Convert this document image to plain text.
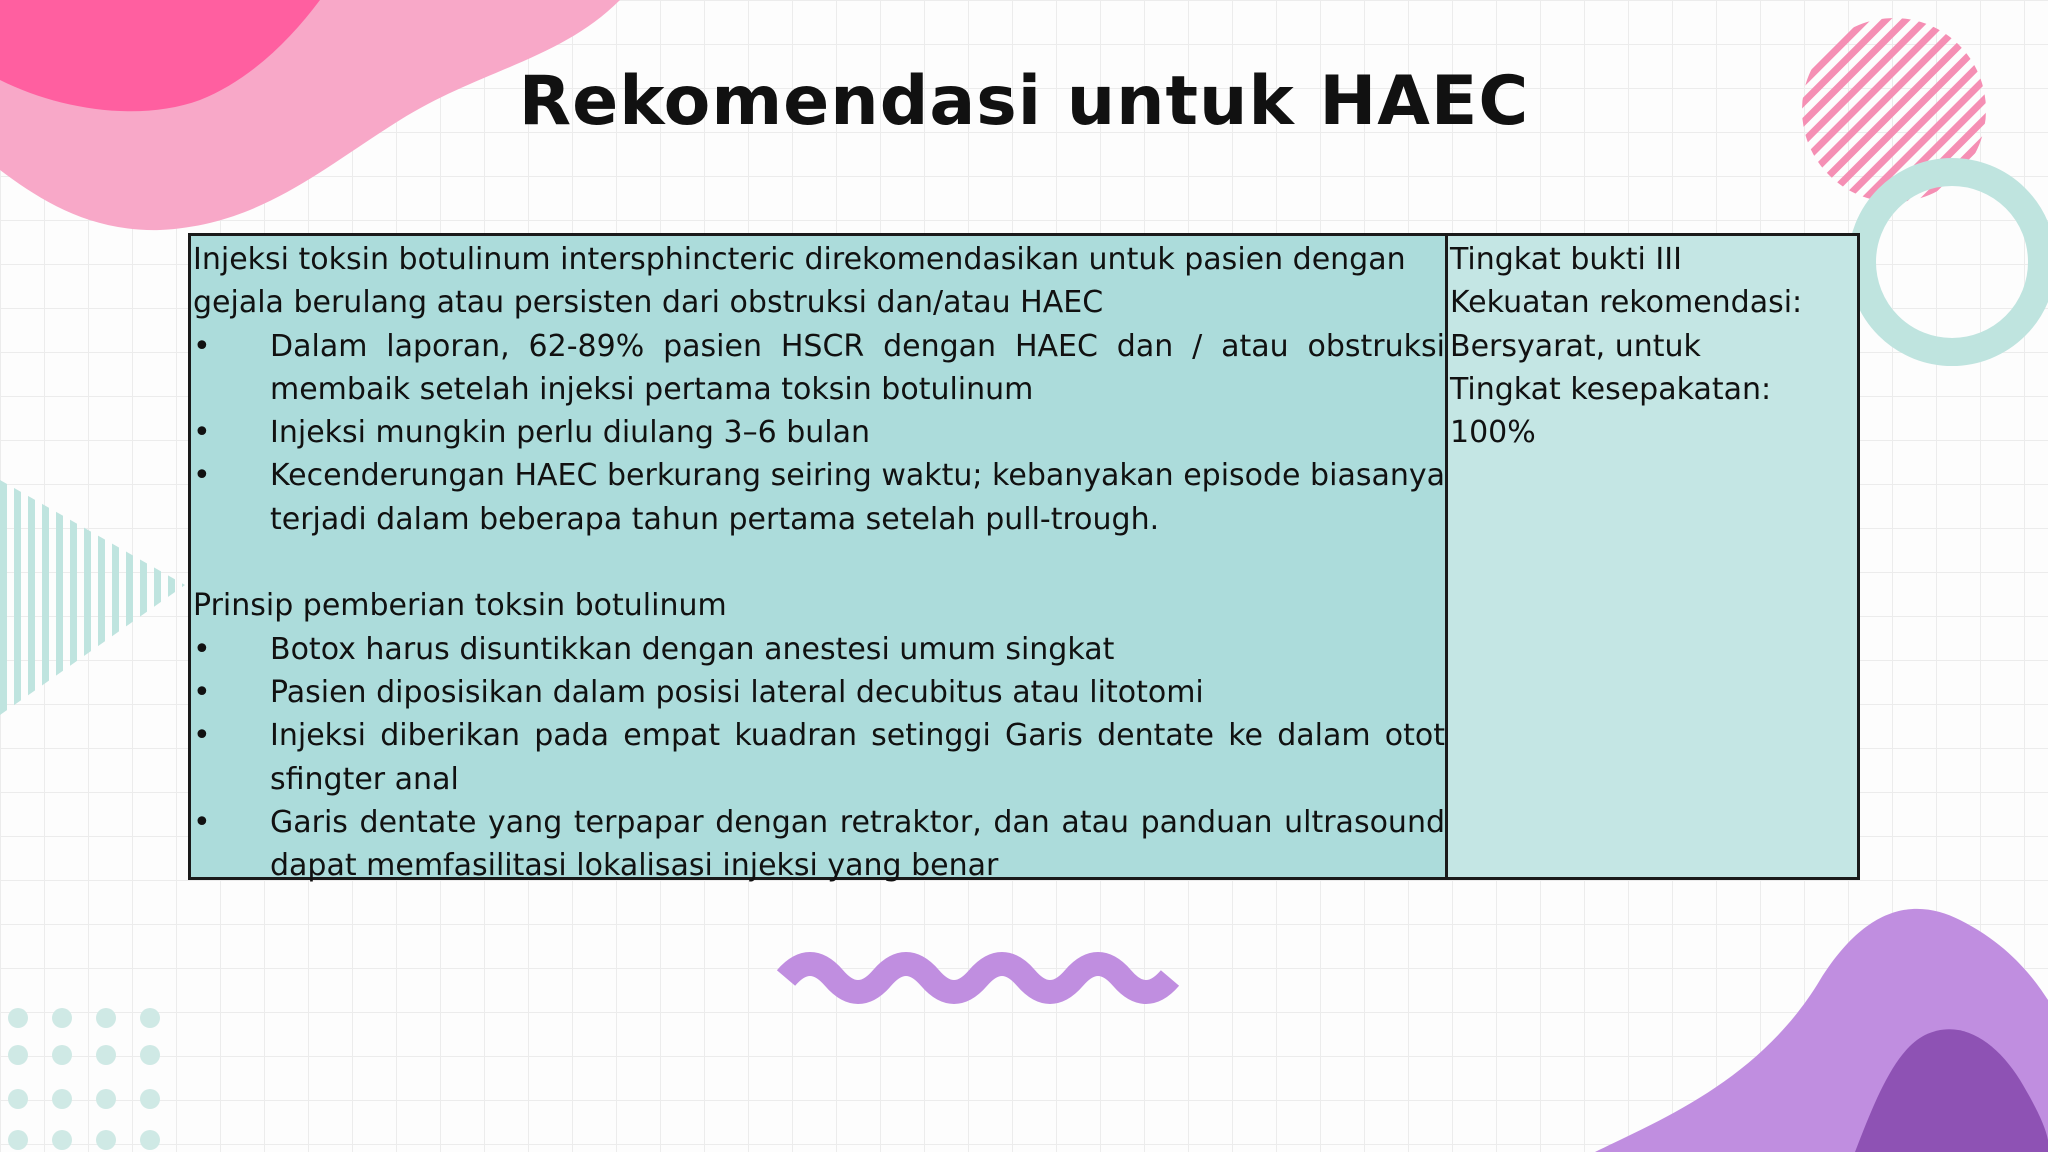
Rekomendasi untuk HAEC

Injeksi toksin botulinum intersphincteric direkomendasikan untuk pasien dengan gejala berulang atau persisten dari obstruksi dan/atau HAEC

• Dalam laporan, 62-89% pasien HSCR dengan HAEC dan / atau obstruksi membaik setelah injeksi pertama toksin botulinum
• Injeksi mungkin perlu diulang 3–6 bulan
• Kecenderungan HAEC berkurang seiring waktu; kebanyakan episode biasanya terjadi dalam beberapa tahun pertama setelah pull-trough.

Prinsip pemberian toksin botulinum

• Botox harus disuntikkan dengan anestesi umum singkat
• Pasien diposisikan dalam posisi lateral decubitus atau litotomi
• Injeksi diberikan pada empat kuadran setinggi Garis dentate ke dalam otot sfingter anal
• Garis dentate yang terpapar dengan retraktor, dan atau panduan ultrasound dapat memfasilitasi lokalisasi injeksi yang benar
Tingkat bukti III
Kekuatan rekomendasi:
Bersyarat, untuk
Tingkat kesepakatan: 100%
